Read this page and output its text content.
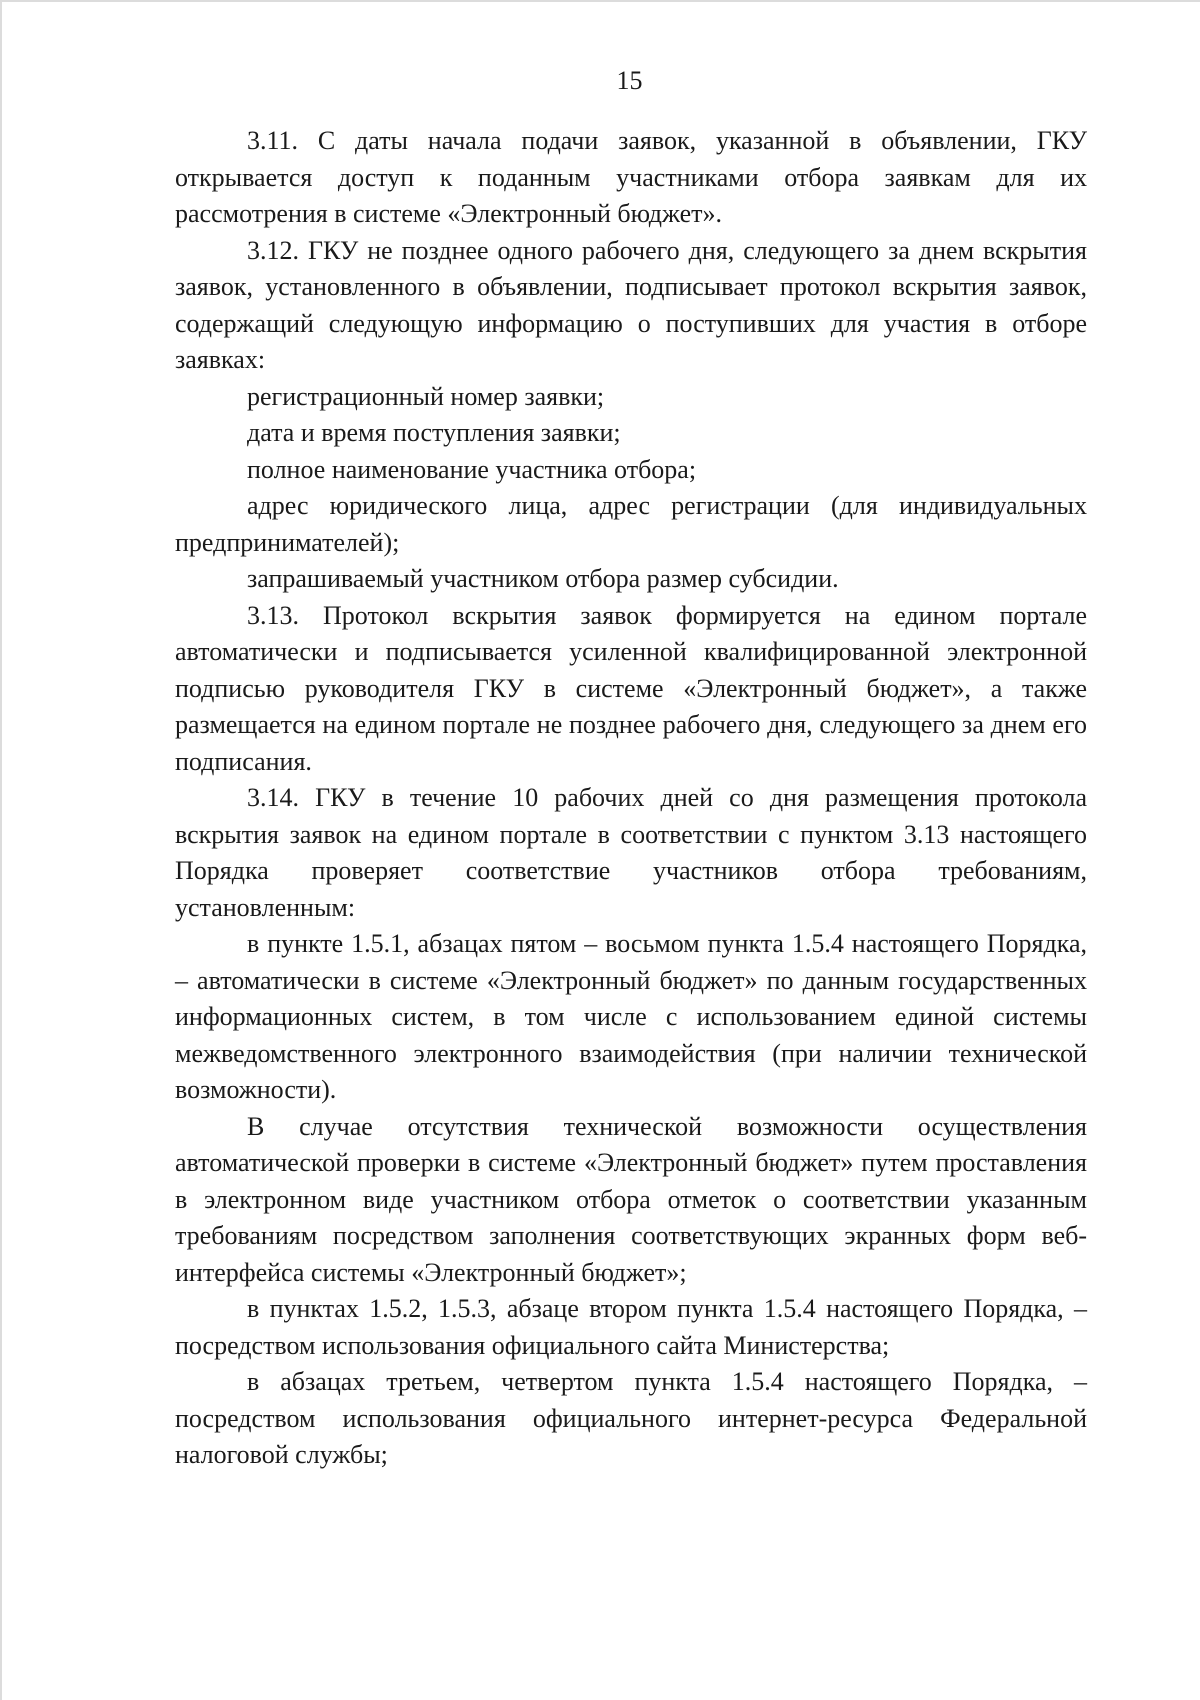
15

3.11. С даты начала подачи заявок, указанной в объявлении, ГКУ открывается доступ к поданным участниками отбора заявкам для их рассмотрения в системе «Электронный бюджет».

3.12. ГКУ не позднее одного рабочего дня, следующего за днем вскрытия заявок, установленного в объявлении, подписывает протокол вскрытия заявок, содержащий следующую информацию о поступивших для участия в отборе заявках:

регистрационный номер заявки;

дата и время поступления заявки;

полное наименование участника отбора;

адрес юридического лица, адрес регистрации (для индивидуальных предпринимателей);

запрашиваемый участником отбора размер субсидии.

3.13. Протокол вскрытия заявок формируется на едином портале автоматически и подписывается усиленной квалифицированной электронной подписью руководителя ГКУ в системе «Электронный бюджет», а также размещается на едином портале не позднее рабочего дня, следующего за днем его подписания.

3.14. ГКУ в течение 10 рабочих дней со дня размещения протокола вскрытия заявок на едином портале в соответствии с пунктом 3.13 настоящего Порядка проверяет соответствие участников отбора требованиям, установленным:

в пункте 1.5.1, абзацах пятом – восьмом пункта 1.5.4 настоящего Порядка, – автоматически в системе «Электронный бюджет» по данным государственных информационных систем, в том числе с использованием единой системы межведомственного электронного взаимодействия (при наличии технической возможности).

В случае отсутствия технической возможности осуществления автоматической проверки в системе «Электронный бюджет» путем проставления в электронном виде участником отбора отметок о соответствии указанным требованиям посредством заполнения соответствующих экранных форм веб-интерфейса системы «Электронный бюджет»;

в пунктах 1.5.2, 1.5.3, абзаце втором пункта 1.5.4 настоящего Порядка, – посредством использования официального сайта Министерства;

в абзацах третьем, четвертом пункта 1.5.4 настоящего Порядка, – посредством использования официального интернет-ресурса Федеральной налоговой службы;
